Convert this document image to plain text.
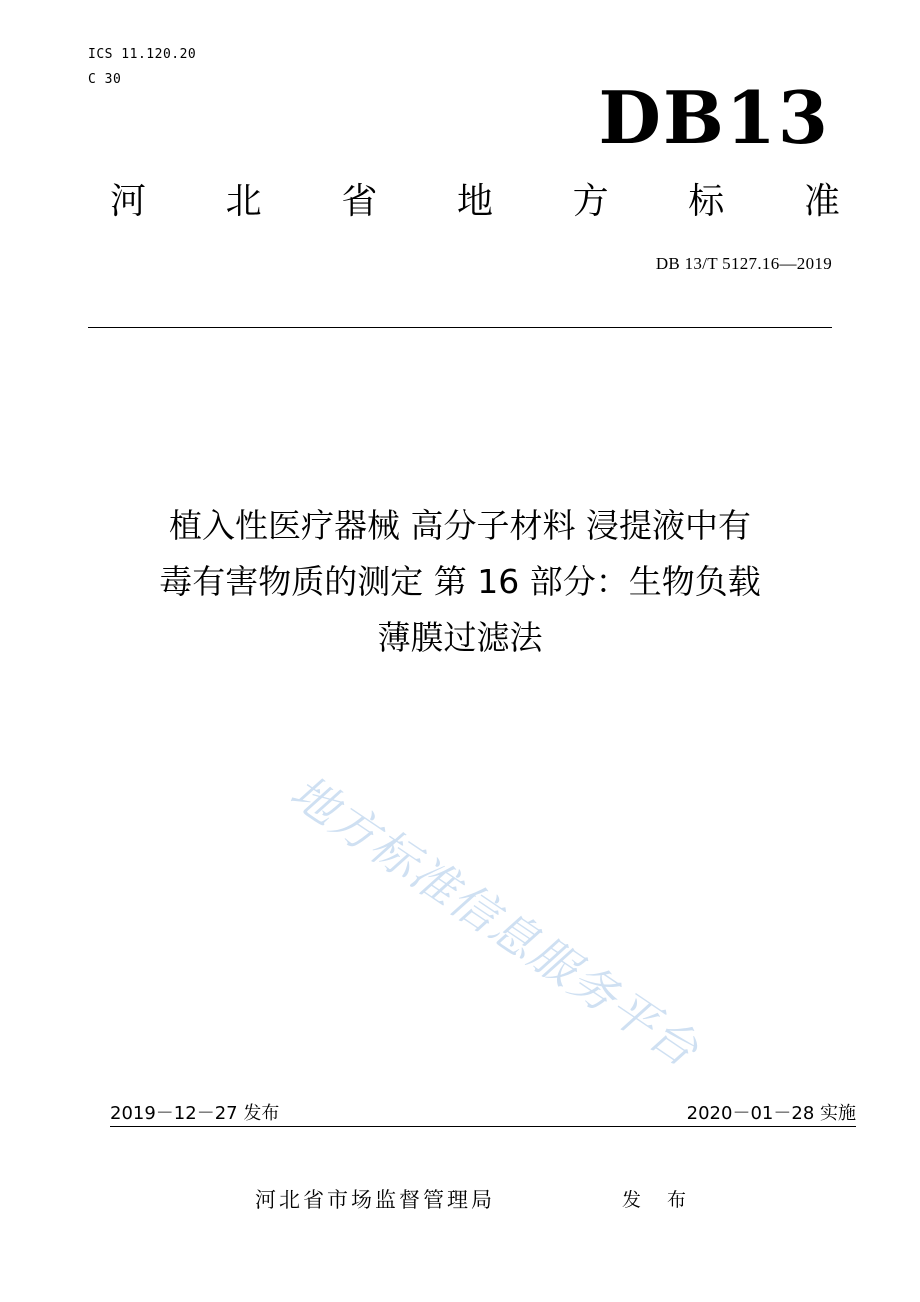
ICS 11.120.20
C 30	DB13
河 北 省 地 方 标 准
DB 13/T 5127.16—2019
植入性医疗器械 高分子材料 浸提液中有
毒有害物质的测定 第 16 部分：生物负载
薄膜过滤法
地方标准信息服务平台
2019－12－27 发布	2020－01－28 实施
河北省市场监督管理局	发 布
